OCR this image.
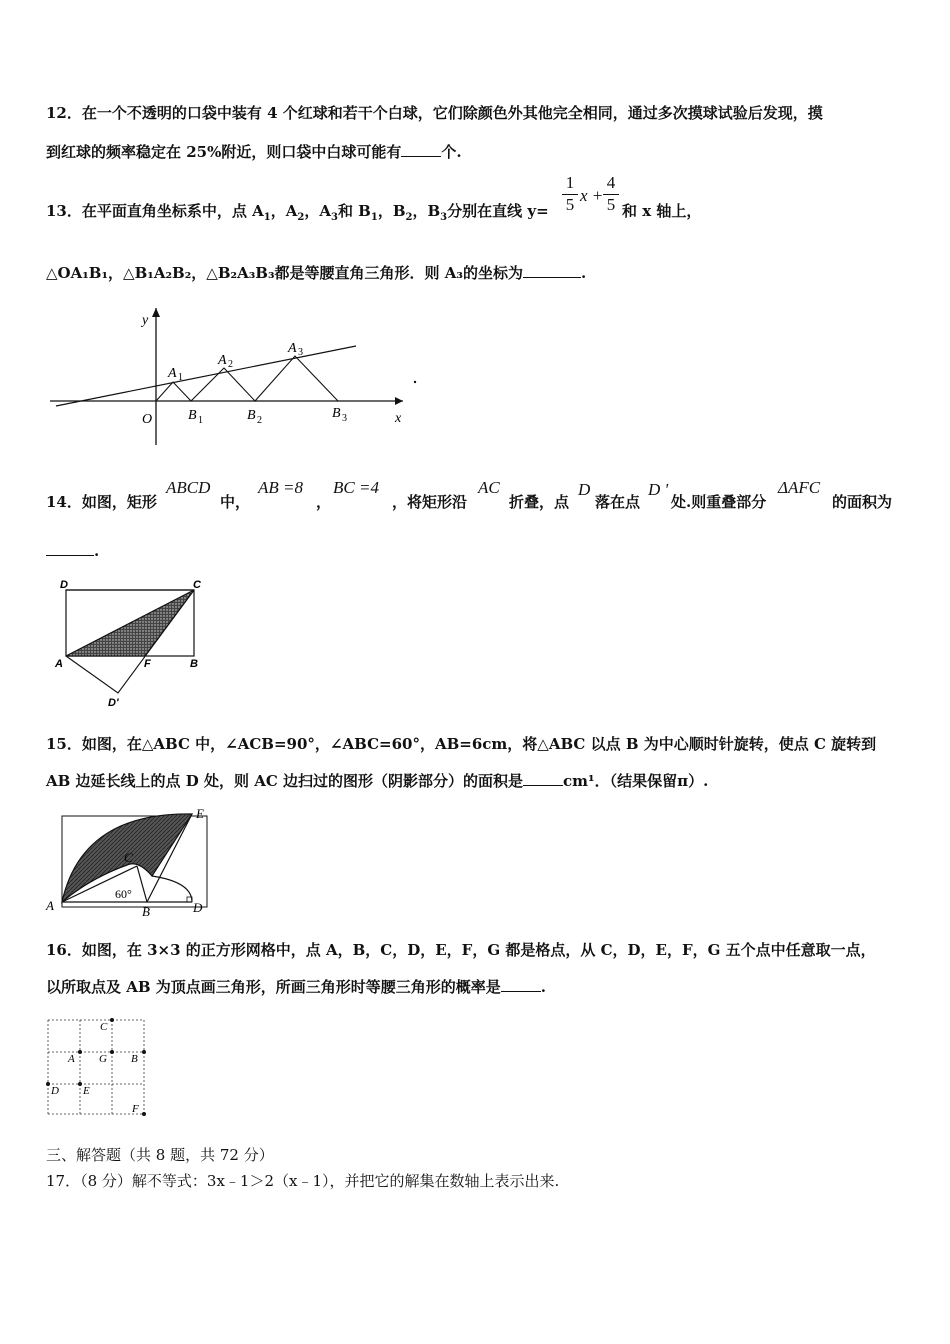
12．在一个不透明的口袋中装有 4 个红球和若干个白球，它们除颜色外其他完全相同，通过多次摸球试验后发现，摸
到红球的频率稳定在 25%附近，则口袋中白球可能有	个.
13．在平面直角坐标系中，点 $A_1$，$A_2$，$A_3$和 $B_1$，$B_2$，$B_3$分别在直线 $y= \frac{1}{5}$ $x + \frac{4}{5}$ 和 x 轴上，
△OA₁B₁，△B₁A₂B₂，△B₂A₃B₃都是等腰直角三角形．则 A₃的坐标为	.
y
x
O
A 1
A 2
A 3
B 1	B 2	B 3
14．如图，矩形
ABCD
中，
AB =8
，
BC =4
，将矩形沿
AC
折叠，点
D
落在点
D '
处.则重叠部分
ΔAFC
的面积为
.
D	C
A	F	B
D'
15．如图，在△ABC 中，∠ACB=90°，∠ABC=60°，AB=6cm，将△ABC 以点 B 为中心顺时针旋转，使点 C 旋转到
AB 边延长线上的点 D 处，则 AC 边扫过的图形（阴影部分）的面积是	cm¹．（结果保留π）.
E
C
A	B	D
60°
16．如图，在 3×3 的正方形网格中，点 A，B，C，D，E，F，G 都是格点，从 C，D，E，F，G 五个点中任意取一点，
以所取点及 AB 为顶点画三角形，所画三角形时等腰三角形的概率是	.
C
A G B
D E
F
三、解答题（共 8 题，共 72 分）
17．（8 分）解不等式：3x﹣1＞2（x﹣1），并把它的解集在数轴上表示出来.
